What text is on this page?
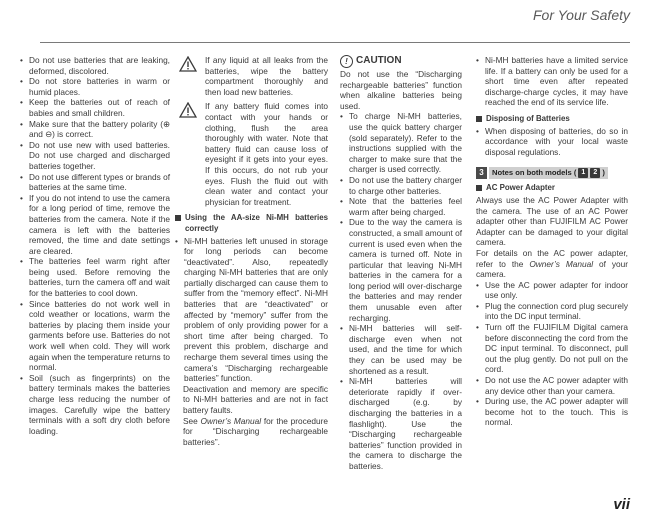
For Your Safety
• Do not use batteries that are leaking, deformed, discolored.
• Do not store batteries in warm or humid places.
• Keep the batteries out of reach of babies and small children.
• Make sure that the battery polarity (⊕ and ⊖) is correct.
• Do not use new with used batteries. Do not use charged and discharged batteries together.
• Do not use different types or brands of batteries at the same time.
• If you do not intend to use the camera for a long period of time, remove the batteries from the camera. Note if the camera is left with the batteries removed, the time and date settings are cleared.
• The batteries feel warm right after being used. Before removing the batteries, turn the camera off and wait for the batteries to cool down.
• Since batteries do not work well in cold weather or locations, warm the batteries by placing them inside your garments before use. Batteries do not work well when cold. They will work again when the temperature returns to normal.
• Soil (such as fingerprints) on the battery terminals makes the batteries charge less reducing the number of images. Carefully wipe the battery terminals with a soft dry cloth before loading.
If any liquid at all leaks from the batteries, wipe the battery compartment thoroughly and then load new batteries.
If any battery fluid comes into contact with your hands or clothing, flush the area thoroughly with water. Note that battery fluid can cause loss of eyesight if it gets into your eyes. If this occurs, do not rub your eyes. Flush the fluid out with clean water and contact your physician for treatment.
Using the AA-size Ni-MH batteries correctly
• Ni-MH batteries left unused in storage for long periods can become “deactivated”. Also, repeatedly charging Ni-MH batteries that are only partially discharged can cause them to suffer from the “memory effect”. Ni-MH batteries that are “deactivated” or affected by “memory” suffer from the problem of only providing power for a short time after being charged. To prevent this problem, discharge and recharge them several times using the camera’s “Discharging rechargeable batteries” function.
Deactivation and memory are specific to Ni-MH batteries and are not in fact battery faults.
See Owner’s Manual for the procedure for “Discharging rechargeable batteries”.
! CAUTION
Do not use the “Discharging rechargeable batteries” function when alkaline batteries being used.
• To charge Ni-MH batteries, use the quick battery charger (sold separately). Refer to the instructions supplied with the charger to make sure that the charger is used correctly.
• Do not use the battery charger to charge other batteries.
• Note that the batteries feel warm after being charged.
• Due to the way the camera is constructed, a small amount of current is used even when the camera is turned off. Note in particular that leaving Ni-MH batteries in the camera for a long period will over-discharge the batteries and may render them unusable even after recharging.
• Ni-MH batteries will self-discharge even when not used, and the time for which they can be used may be shortened as a result.
• Ni-MH batteries will deteriorate rapidly if over-discharged (e.g. by discharging the batteries in a flashlight). Use the “Discharging rechargeable batteries” function provided in the camera to discharge the batteries.
• Ni-MH batteries have a limited service life. If a battery can only be used for a short time even after repeated discharge-charge cycles, it may have reached the end of its service life.
Disposing of Batteries
• When disposing of batteries, do so in accordance with your local waste disposal regulations.
3	Notes on both models ( 1	2 )
AC Power Adapter
Always use the AC Power Adapter with the camera. The use of an AC Power adapter other than FUJIFILM AC Power Adapter can be damaged to your digital camera.
For details on the AC power adapter, refer to the Owner’s Manual of your camera.
• Use the AC power adapter for indoor use only.
• Plug the connection cord plug securely into the DC input terminal.
• Turn off the FUJIFILM Digital camera before disconnecting the cord from the DC input terminal. To disconnect, pull out the plug gently. Do not pull on the cord.
• Do not use the AC power adapter with any device other than your camera.
• During use, the AC power adapter will become hot to the touch. This is normal.
vii
